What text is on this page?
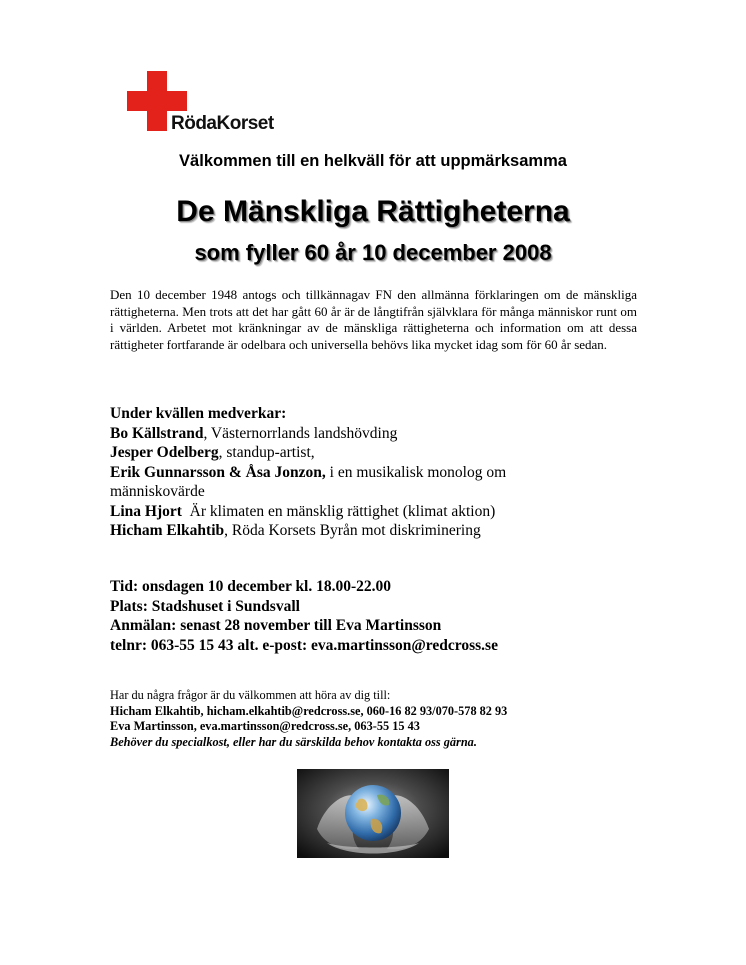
RödaKorset
Välkommen till en helkväll för att uppmärksamma
De Mänskliga Rättigheterna
som fyller 60 år 10 december 2008
Den 10 december 1948 antogs och tillkännagav FN den allmänna förklaringen om de mänskliga rättigheterna. Men trots att det har gått 60 år är de långtifrån självklara för många människor runt om i världen. Arbetet mot kränkningar av de mänskliga rättigheterna och information om att dessa rättigheter fortfarande är odelbara och universella behövs lika mycket idag som för 60 år sedan.
Under kvällen medverkar:
Bo Källstrand, Västernorrlands landshövding
Jesper Odelberg, standup-artist,
Erik Gunnarsson & Åsa Jonzon, i en musikalisk monolog om människovärde
Lina Hjort  Är klimaten en mänsklig rättighet (klimat aktion)
Hicham Elkahtib, Röda Korsets Byrån mot diskriminering
Tid: onsdagen 10 december kl. 18.00-22.00
Plats: Stadshuset i Sundsvall
Anmälan: senast 28 november till Eva Martinsson
telnr: 063-55 15 43 alt. e-post: eva.martinsson@redcross.se
Har du några frågor är du välkommen att höra av dig till:
Hicham Elkahtib, hicham.elkahtib@redcross.se, 060-16 82 93/070-578 82 93
Eva Martinsson, eva.martinsson@redcross.se, 063-55 15 43
Behöver du specialkost, eller har du särskilda behov kontakta oss gärna.
